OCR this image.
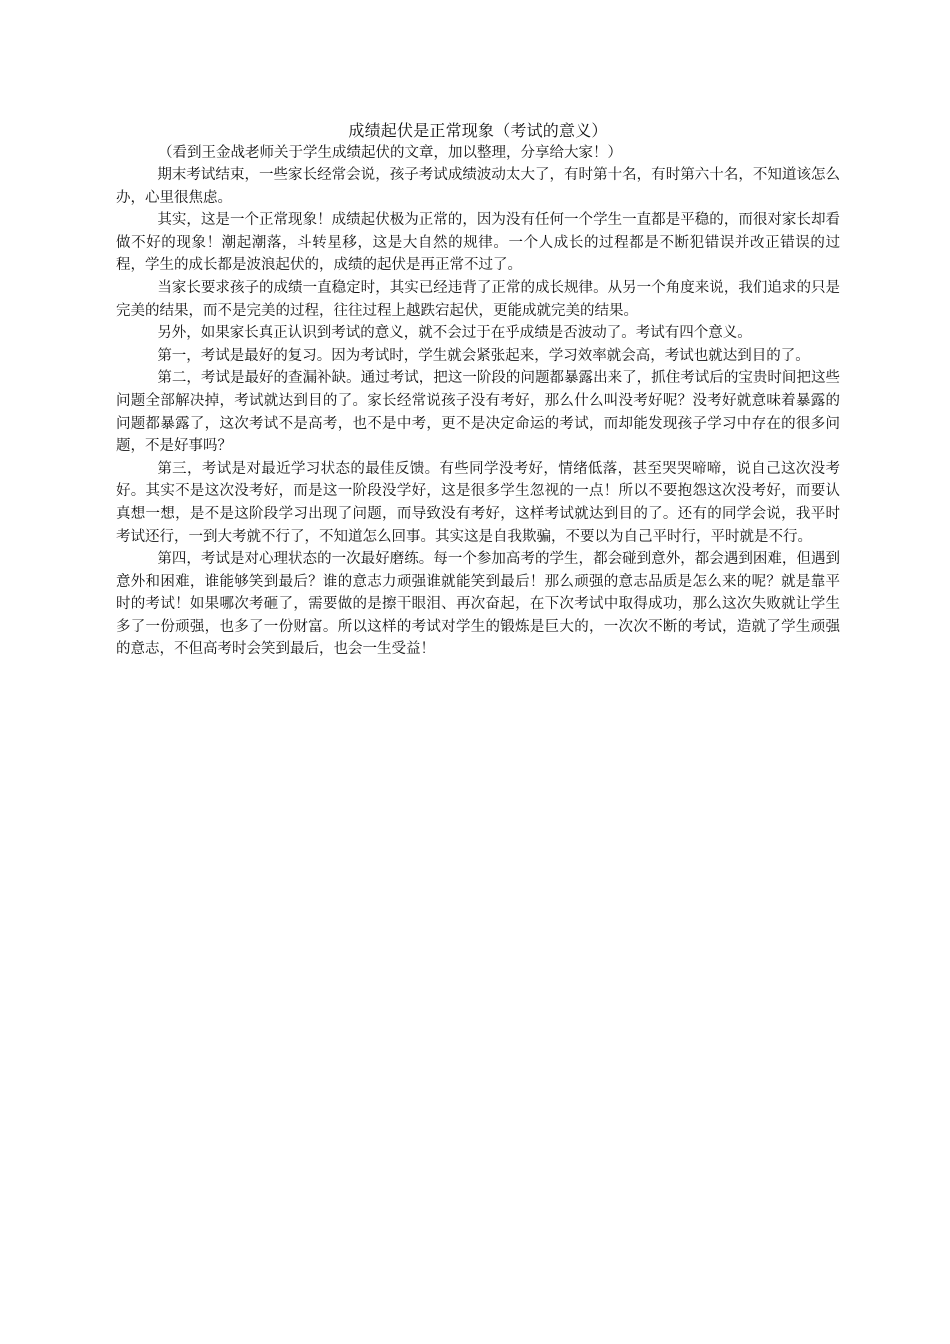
成绩起伏是正常现象（考试的意义）

（看到王金战老师关于学生成绩起伏的文章，加以整理，分享给大家！）

期末考试结束，一些家长经常会说，孩子考试成绩波动太大了，有时第十名，有时第六十名，不知道该怎么办，心里很焦虑。

其实，这是一个正常现象！成绩起伏极为正常的，因为没有任何一个学生一直都是平稳的，而很对家长却看做不好的现象！潮起潮落，斗转星移，这是大自然的规律。一个人成长的过程都是不断犯错误并改正错误的过程，学生的成长都是波浪起伏的，成绩的起伏是再正常不过了。

当家长要求孩子的成绩一直稳定时，其实已经违背了正常的成长规律。从另一个角度来说，我们追求的只是完美的结果，而不是完美的过程，往往过程上越跌宕起伏，更能成就完美的结果。

另外，如果家长真正认识到考试的意义，就不会过于在乎成绩是否波动了。考试有四个意义。

第一，考试是最好的复习。因为考试时，学生就会紧张起来，学习效率就会高，考试也就达到目的了。

第二，考试是最好的查漏补缺。通过考试，把这一阶段的问题都暴露出来了，抓住考试后的宝贵时间把这些问题全部解决掉，考试就达到目的了。家长经常说孩子没有考好，那么什么叫没考好呢？没考好就意味着暴露的问题都暴露了，这次考试不是高考，也不是中考，更不是决定命运的考试，而却能发现孩子学习中存在的很多问题，不是好事吗？

第三，考试是对最近学习状态的最佳反馈。有些同学没考好，情绪低落，甚至哭哭啼啼，说自己这次没考好。其实不是这次没考好，而是这一阶段没学好，这是很多学生忽视的一点！所以不要抱怨这次没考好，而要认真想一想，是不是这阶段学习出现了问题，而导致没有考好，这样考试就达到目的了。还有的同学会说，我平时考试还行，一到大考就不行了，不知道怎么回事。其实这是自我欺骗，不要以为自己平时行，平时就是不行。

第四，考试是对心理状态的一次最好磨练。每一个参加高考的学生，都会碰到意外，都会遇到困难，但遇到意外和困难，谁能够笑到最后？谁的意志力顽强谁就能笑到最后！那么顽强的意志品质是怎么来的呢？就是靠平时的考试！如果哪次考砸了，需要做的是擦干眼泪、再次奋起，在下次考试中取得成功，那么这次失败就让学生多了一份顽强，也多了一份财富。所以这样的考试对学生的锻炼是巨大的，一次次不断的考试，造就了学生顽强的意志，不但高考时会笑到最后，也会一生受益！
